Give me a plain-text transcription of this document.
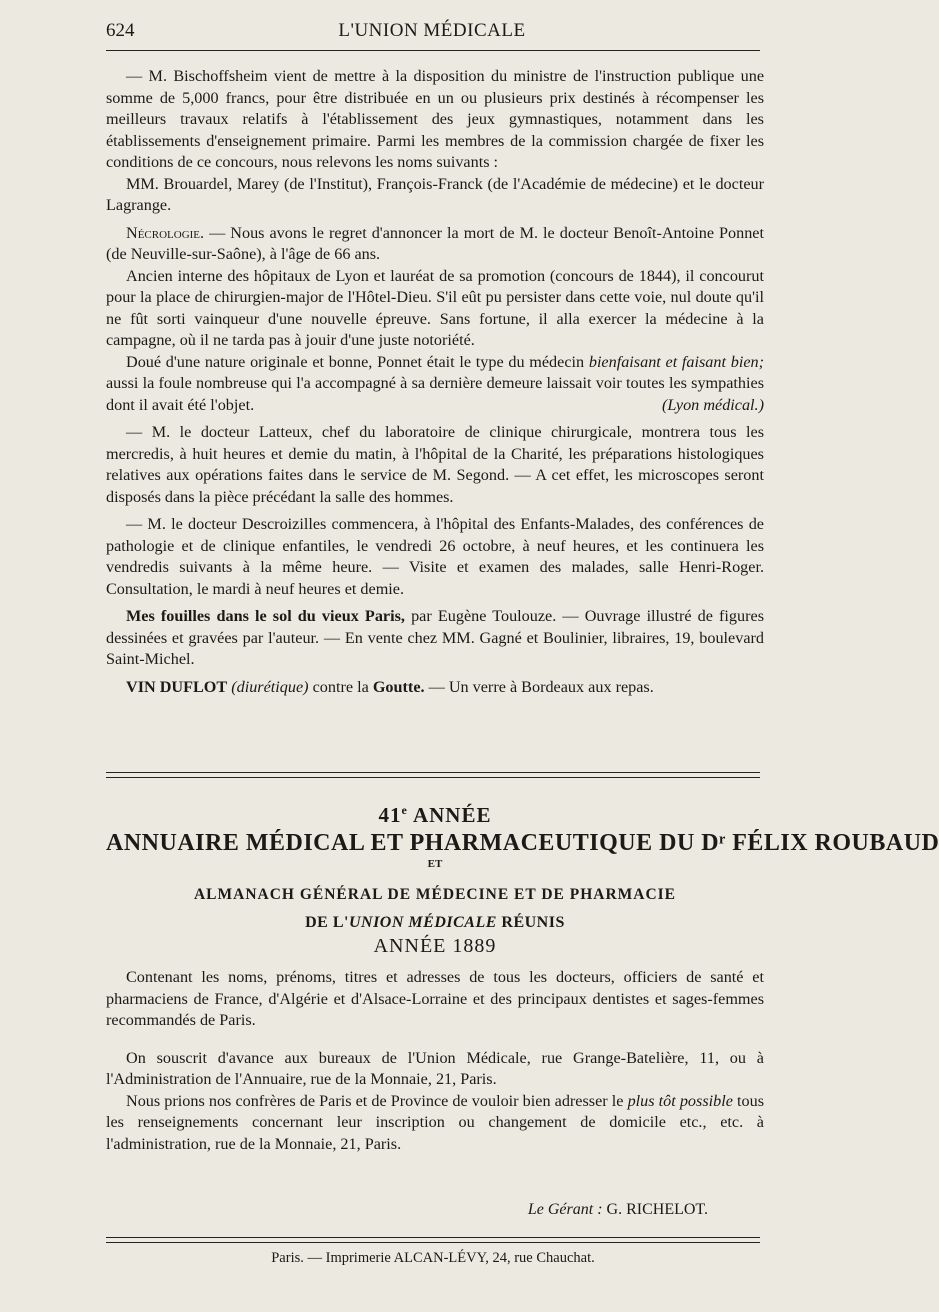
624	L'UNION MÉDICALE

— M. Bischoffsheim vient de mettre à la disposition du ministre de l'instruction publique une somme de 5,000 francs, pour être distribuée en un ou plusieurs prix destinés à récompenser les meilleurs travaux relatifs à l'établissement des jeux gymnastiques, notamment dans les établissements d'enseignement primaire. Parmi les membres de la commission chargée de fixer les conditions de ce concours, nous relevons les noms suivants :

MM. Brouardel, Marey (de l'Institut), François-Franck (de l'Académie de médecine) et le docteur Lagrange.

Nécrologie. — Nous avons le regret d'annoncer la mort de M. le docteur Benoît-Antoine Ponnet (de Neuville-sur-Saône), à l'âge de 66 ans.

Ancien interne des hôpitaux de Lyon et lauréat de sa promotion (concours de 1844), il concourut pour la place de chirurgien-major de l'Hôtel-Dieu. S'il eût pu persister dans cette voie, nul doute qu'il ne fût sorti vainqueur d'une nouvelle épreuve. Sans fortune, il alla exercer la médecine à la campagne, où il ne tarda pas à jouir d'une juste notoriété.

Doué d'une nature originale et bonne, Ponnet était le type du médecin bienfaisant et faisant bien; aussi la foule nombreuse qui l'a accompagné à sa dernière demeure laissait voir toutes les sympathies dont il avait été l'objet.	(Lyon médical.)

— M. le docteur Latteux, chef du laboratoire de clinique chirurgicale, montrera tous les mercredis, à huit heures et demie du matin, à l'hôpital de la Charité, les préparations histologiques relatives aux opérations faites dans le service de M. Segond. — A cet effet, les microscopes seront disposés dans la pièce précédant la salle des hommes.

— M. le docteur Descroizilles commencera, à l'hôpital des Enfants-Malades, des conférences de pathologie et de clinique enfantiles, le vendredi 26 octobre, à neuf heures, et les continuera les vendredis suivants à la même heure. — Visite et examen des malades, salle Henri-Roger. Consultation, le mardi à neuf heures et demie.

Mes fouilles dans le sol du vieux Paris, par Eugène Toulouze. — Ouvrage illustré de figures dessinées et gravées par l'auteur. — En vente chez MM. Gagné et Boulinier, libraires, 19, boulevard Saint-Michel.

VIN DUFLOT (diurétique) contre la Goutte. — Un verre à Bordeaux aux repas.

41e ANNÉE
ANNUAIRE MÉDICAL ET PHARMACEUTIQUE DU Dʳ FÉLIX ROUBAUD
ET
ALMANACH GÉNÉRAL DE MÉDECINE ET DE PHARMACIE
DE L'UNION MÉDICALE RÉUNIS
ANNÉE 1889

Contenant les noms, prénoms, titres et adresses de tous les docteurs, officiers de santé et pharmaciens de France, d'Algérie et d'Alsace-Lorraine et des principaux dentistes et sages-femmes recommandés de Paris.

On souscrit d'avance aux bureaux de l'Union Médicale, rue Grange-Batelière, 11, ou à l'Administration de l'Annuaire, rue de la Monnaie, 21, Paris.

Nous prions nos confrères de Paris et de Province de vouloir bien adresser le plus tôt possible tous les renseignements concernant leur inscription ou changement de domicile etc., etc. à l'administration, rue de la Monnaie, 21, Paris.

Le Gérant : G. RICHELOT.
Paris. — Imprimerie ALCAN-LÉVY, 24, rue Chauchat.
